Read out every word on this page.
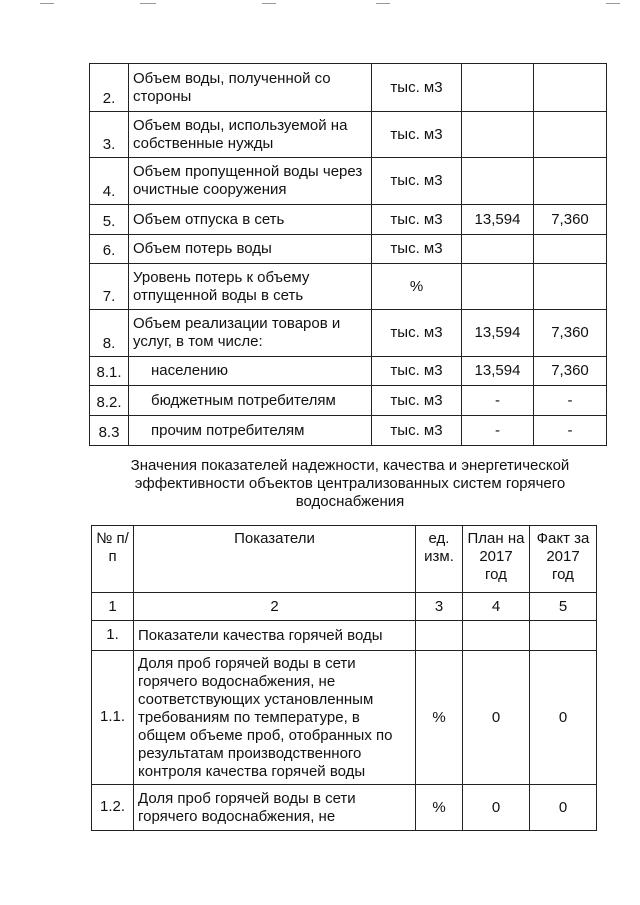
2.	Объем воды, полученной со стороны	тыс. м3		
3.	Объем воды, используемой на собственные нужды	тыс. м3		
4.	Объем пропущенной воды через очистные сооружения	тыс. м3		
5.	Объем отпуска в сеть	тыс. м3	13,594	7,360
6.	Объем потерь воды	тыс. м3		
7.	Уровень потерь к объему отпущенной воды в сеть	%		
8.	Объем реализации товаров и услуг, в том числе:	тыс. м3	13,594	7,360
8.1.	населению	тыс. м3	13,594	7,360
8.2.	бюджетным потребителям	тыс. м3	-	-
8.3	прочим потребителям	тыс. м3	-	-
Значения показателей надежности, качества и энергетической эффективности объектов централизованных систем горячего водоснабжения
№ п/п	Показатели	ед. изм.	План на 2017 год	Факт за 2017 год
1	2	3	4	5
1.	Показатели качества горячей воды			
1.1.	Доля проб горячей воды в сети горячего водоснабжения, не соответствующих установленным требованиям по температуре, в общем объеме проб, отобранных по результатам производственного контроля качества горячей воды	%	0	0
1.2.	Доля проб горячей воды в сети горячего водоснабжения, не	%	0	0
